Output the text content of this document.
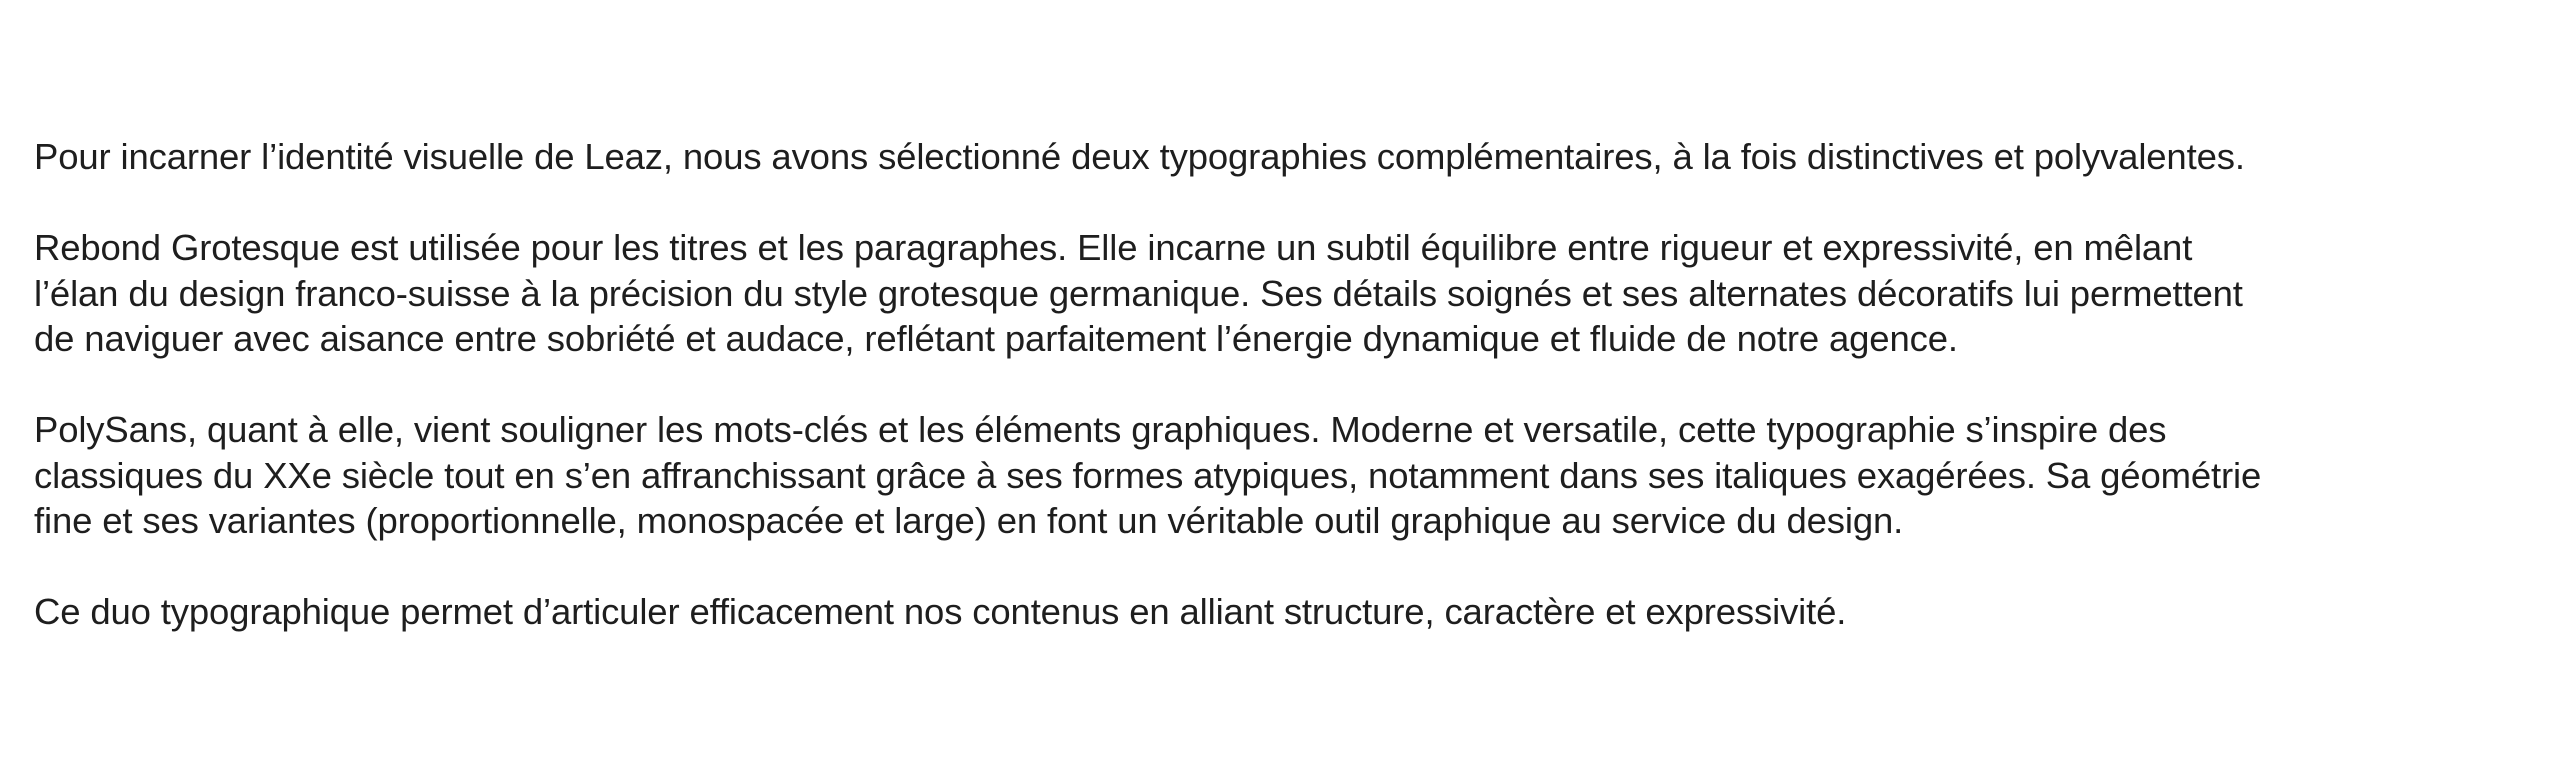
Pour incarner l’identité visuelle de Leaz, nous avons sélectionné deux typographies complémentaires, à la fois distinctives et polyvalentes.

Rebond Grotesque est utilisée pour les titres et les paragraphes. Elle incarne un subtil équilibre entre rigueur et expressivité, en mêlant
l’élan du design franco-suisse à la précision du style grotesque germanique. Ses détails soignés et ses alternates décoratifs lui permettent
de naviguer avec aisance entre sobriété et audace, reflétant parfaitement l’énergie dynamique et fluide de notre agence.

PolySans, quant à elle, vient souligner les mots-clés et les éléments graphiques. Moderne et versatile, cette typographie s’inspire des
classiques du XXe siècle tout en s’en affranchissant grâce à ses formes atypiques, notamment dans ses italiques exagérées. Sa géométrie
fine et ses variantes (proportionnelle, monospacée et large) en font un véritable outil graphique au service du design.

Ce duo typographique permet d’articuler efficacement nos contenus en alliant structure, caractère et expressivité.
